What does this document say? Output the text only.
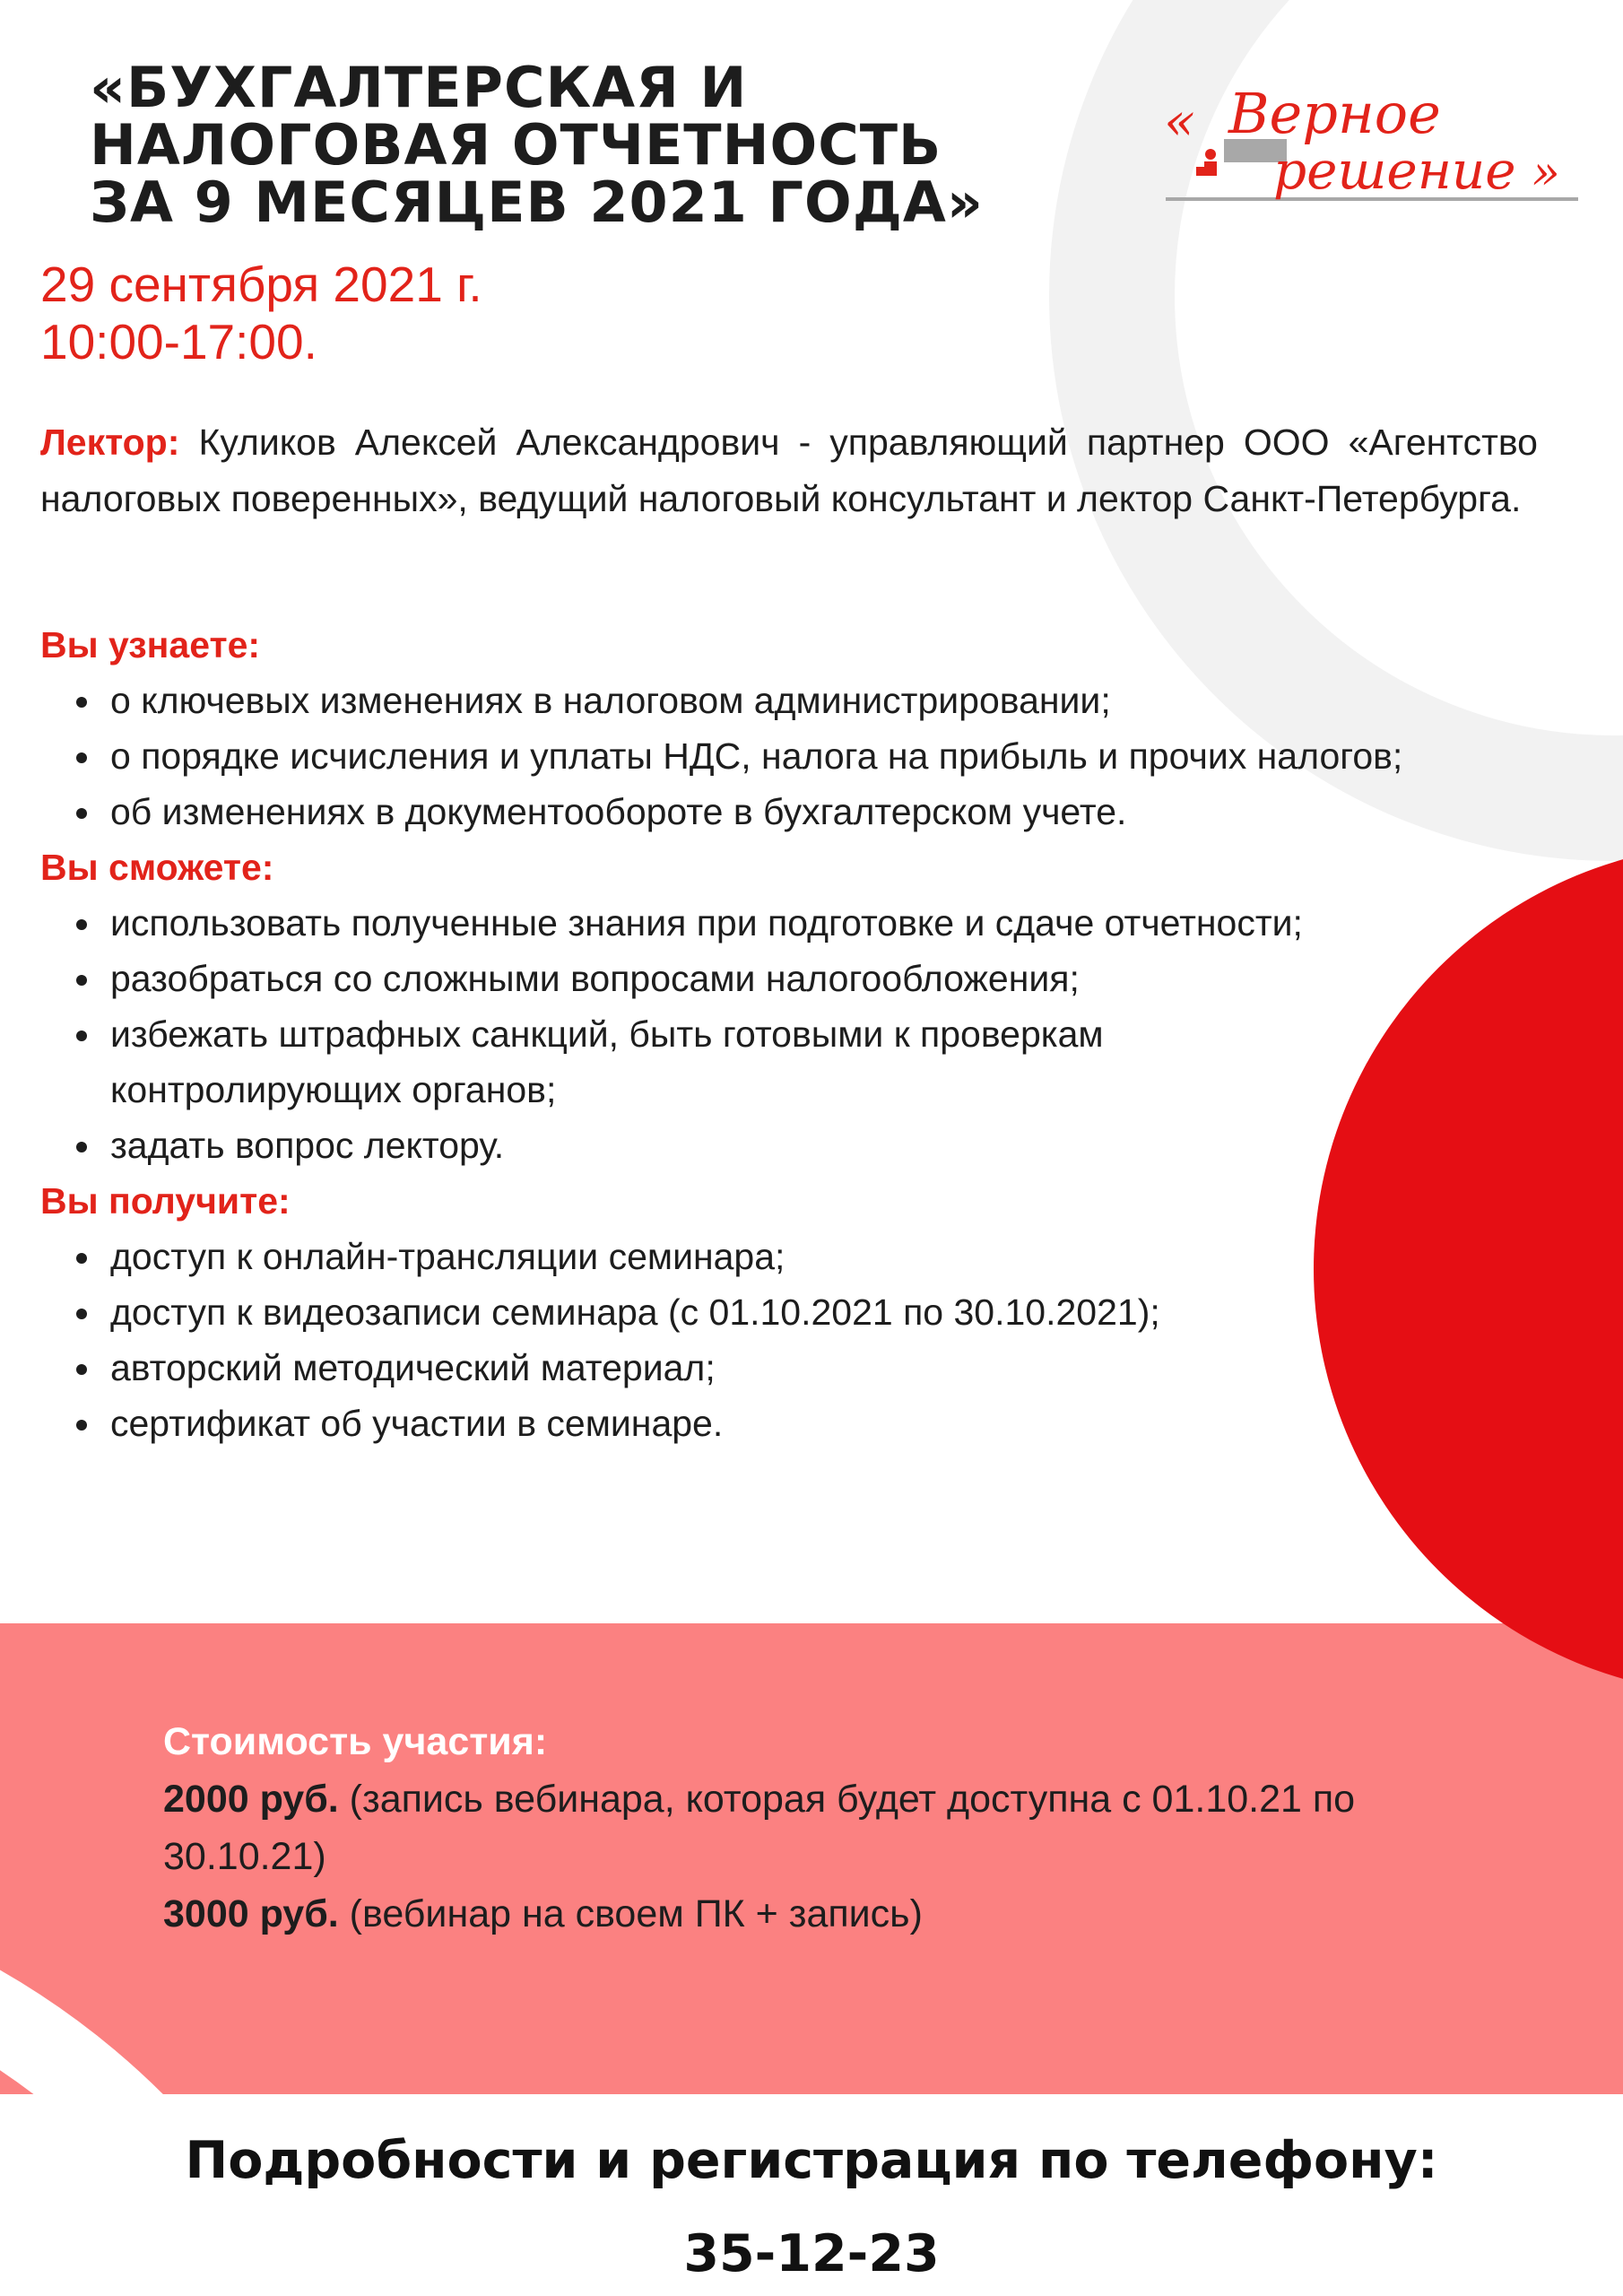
«БУХГАЛТЕРСКАЯ И
НАЛОГОВАЯ ОТЧЕТНОСТЬ
ЗА 9 МЕСЯЦЕВ 2021 ГОДА»
« Верное
решение »

29 сентября 2021 г.
10:00-17:00.

Лектор: Куликов Алексей Александрович - управляющий партнер ООО «Агентство налоговых поверенных», ведущий налоговый консультант и лектор Санкт-Петербурга.

Вы узнаете:

о ключевых изменениях в налоговом администрировании;
о порядке исчисления и уплаты НДС, налога на прибыль и прочих налогов;
об изменениях в документообороте в бухгалтерском учете.

Вы сможете:

использовать полученные знания при подготовке и сдаче отчетности;
разобраться со сложными вопросами налогообложения;
избежать штрафных санкций, быть готовыми к проверкам контролирующих органов;
задать вопрос лектору.

Вы получите:

доступ к онлайн-трансляции семинара;
доступ к видеозаписи семинара (с 01.10.2021 по 30.10.2021);
авторский методический материал;
сертификат об участии в семинаре.

Стоимость участия:

2000 руб. (запись вебинара, которая будет доступна с 01.10.21 по 30.10.21)

3000 руб. (вебинар на своем ПК + запись)

Подробности и регистрация по телефону:

35-12-23
